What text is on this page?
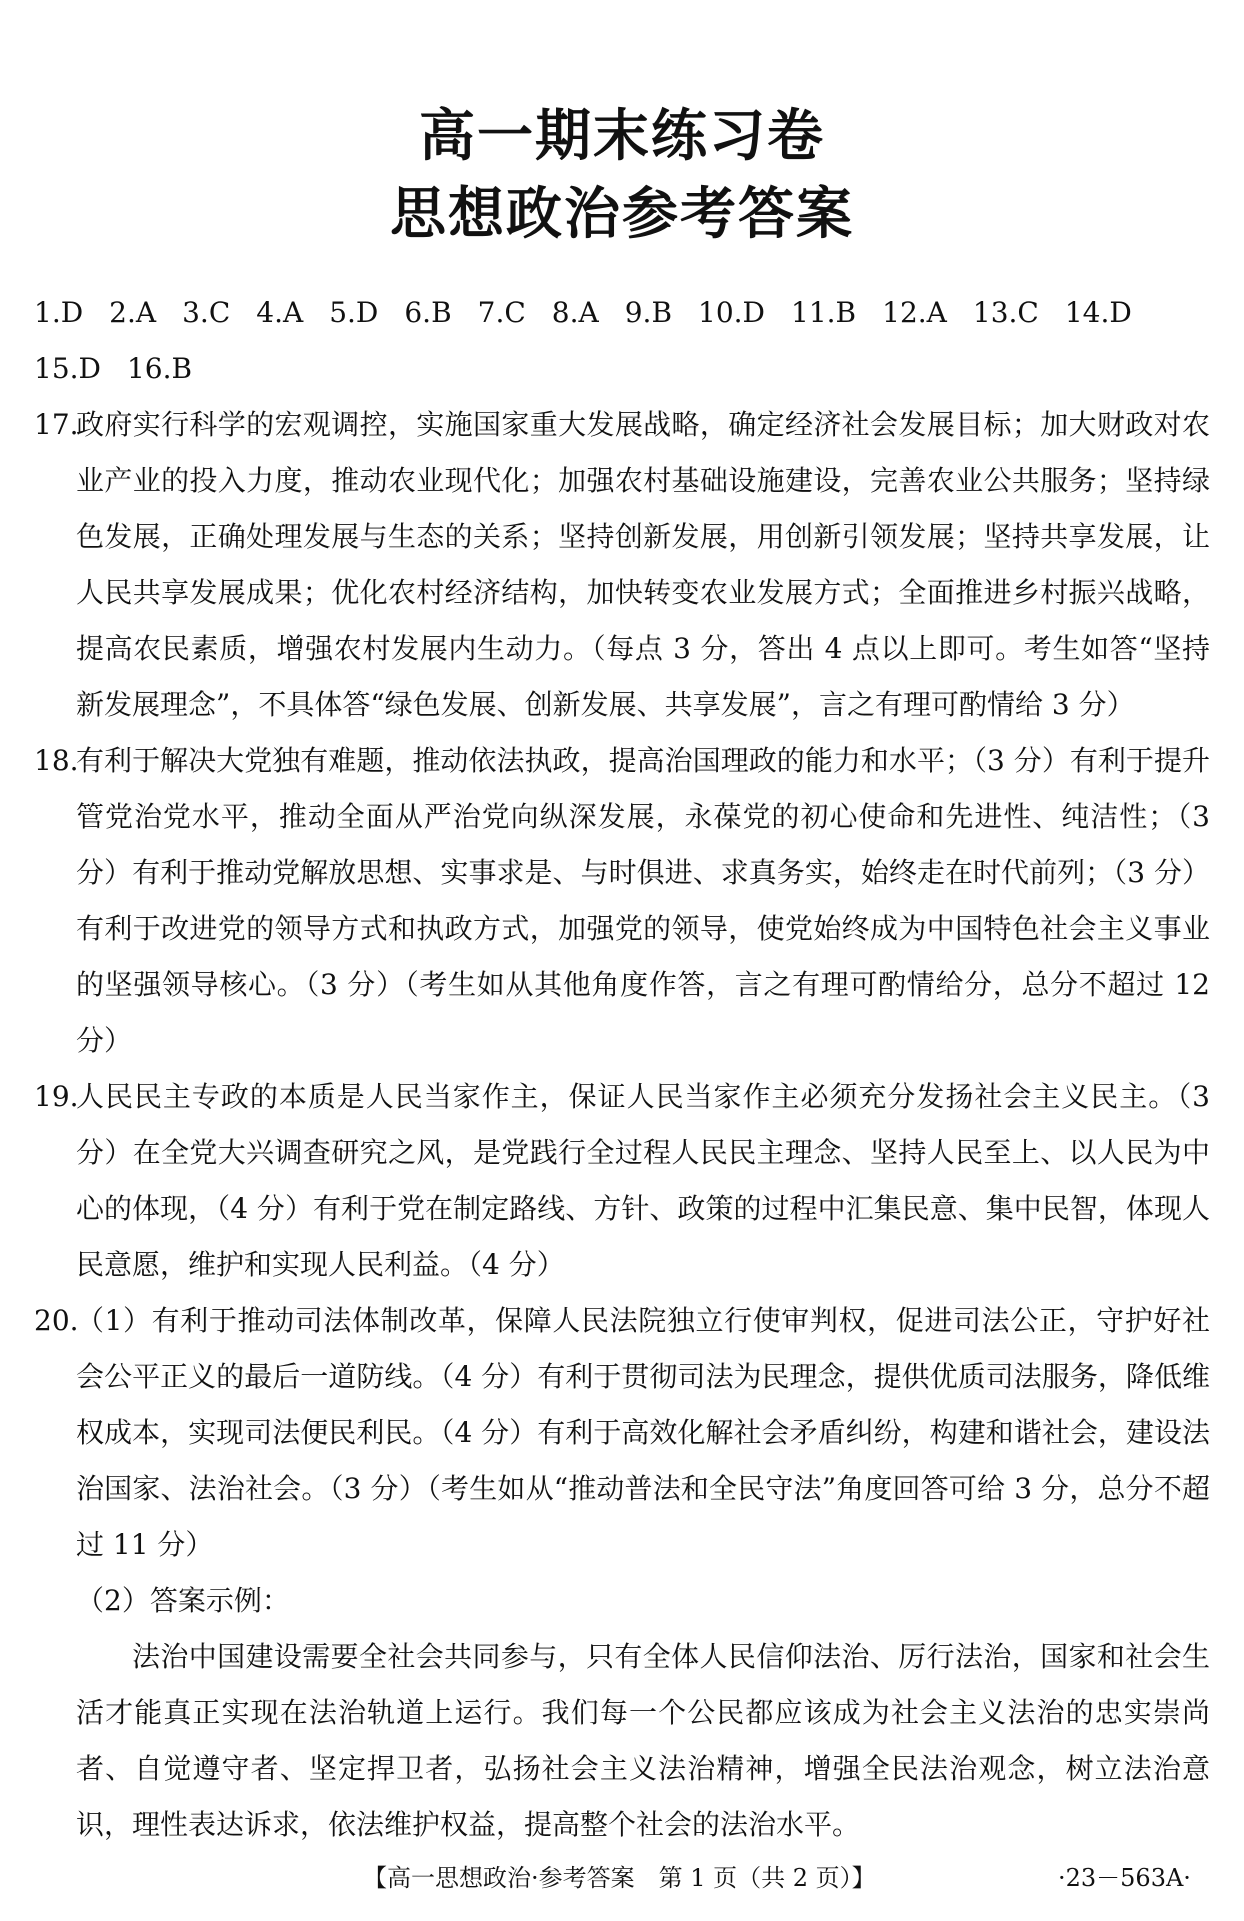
高一期末练习卷
思想政治参考答案
1.D 2.A 3.C 4.A 5.D 6.B 7.C 8.A 9.B 10.D 11.B 12.A 13.C 14.D
15.D 16.B
17.
政府实行科学的宏观调控，实施国家重大发展战略，确定经济社会发展目标；加大财政对农业产业的投入力度，推动农业现代化；加强农村基础设施建设，完善农业公共服务；坚持绿色发展，正确处理发展与生态的关系；坚持创新发展，用创新引领发展；坚持共享发展，让人民共享发展成果；优化农村经济结构，加快转变农业发展方式；全面推进乡村振兴战略，提高农民素质，增强农村发展内生动力。（每点 3 分，答出 4 点以上即可。考生如答“坚持新发展理念”，不具体答“绿色发展、创新发展、共享发展”，言之有理可酌情给 3 分）
18.
有利于解决大党独有难题，推动依法执政，提高治国理政的能力和水平；（3 分）有利于提升管党治党水平，推动全面从严治党向纵深发展，永葆党的初心使命和先进性、纯洁性；（3 分）有利于推动党解放思想、实事求是、与时俱进、求真务实，始终走在时代前列；（3 分）有利于改进党的领导方式和执政方式，加强党的领导，使党始终成为中国特色社会主义事业的坚强领导核心。（3 分）（考生如从其他角度作答，言之有理可酌情给分，总分不超过 12 分）
19.
人民民主专政的本质是人民当家作主，保证人民当家作主必须充分发扬社会主义民主。（3 分）在全党大兴调查研究之风，是党践行全过程人民民主理念、坚持人民至上、以人民为中心的体现，（4 分）有利于党在制定路线、方针、政策的过程中汇集民意、集中民智，体现人民意愿，维护和实现人民利益。（4 分）
20.
（1）有利于推动司法体制改革，保障人民法院独立行使审判权，促进司法公正，守护好社会公平正义的最后一道防线。（4 分）有利于贯彻司法为民理念，提供优质司法服务，降低维权成本，实现司法便民利民。（4 分）有利于高效化解社会矛盾纠纷，构建和谐社会，建设法治国家、法治社会。（3 分）（考生如从“推动普法和全民守法”角度回答可给 3 分，总分不超过 11 分）
（2）答案示例：
法治中国建设需要全社会共同参与，只有全体人民信仰法治、厉行法治，国家和社会生活才能真正实现在法治轨道上运行。我们每一个公民都应该成为社会主义法治的忠实崇尚者、自觉遵守者、坚定捍卫者，弘扬社会主义法治精神，增强全民法治观念，树立法治意识，理性表达诉求，依法维护权益，提高整个社会的法治水平。
【高一思想政治·参考答案　第 1 页（共 2 页）】	·23－563A·
